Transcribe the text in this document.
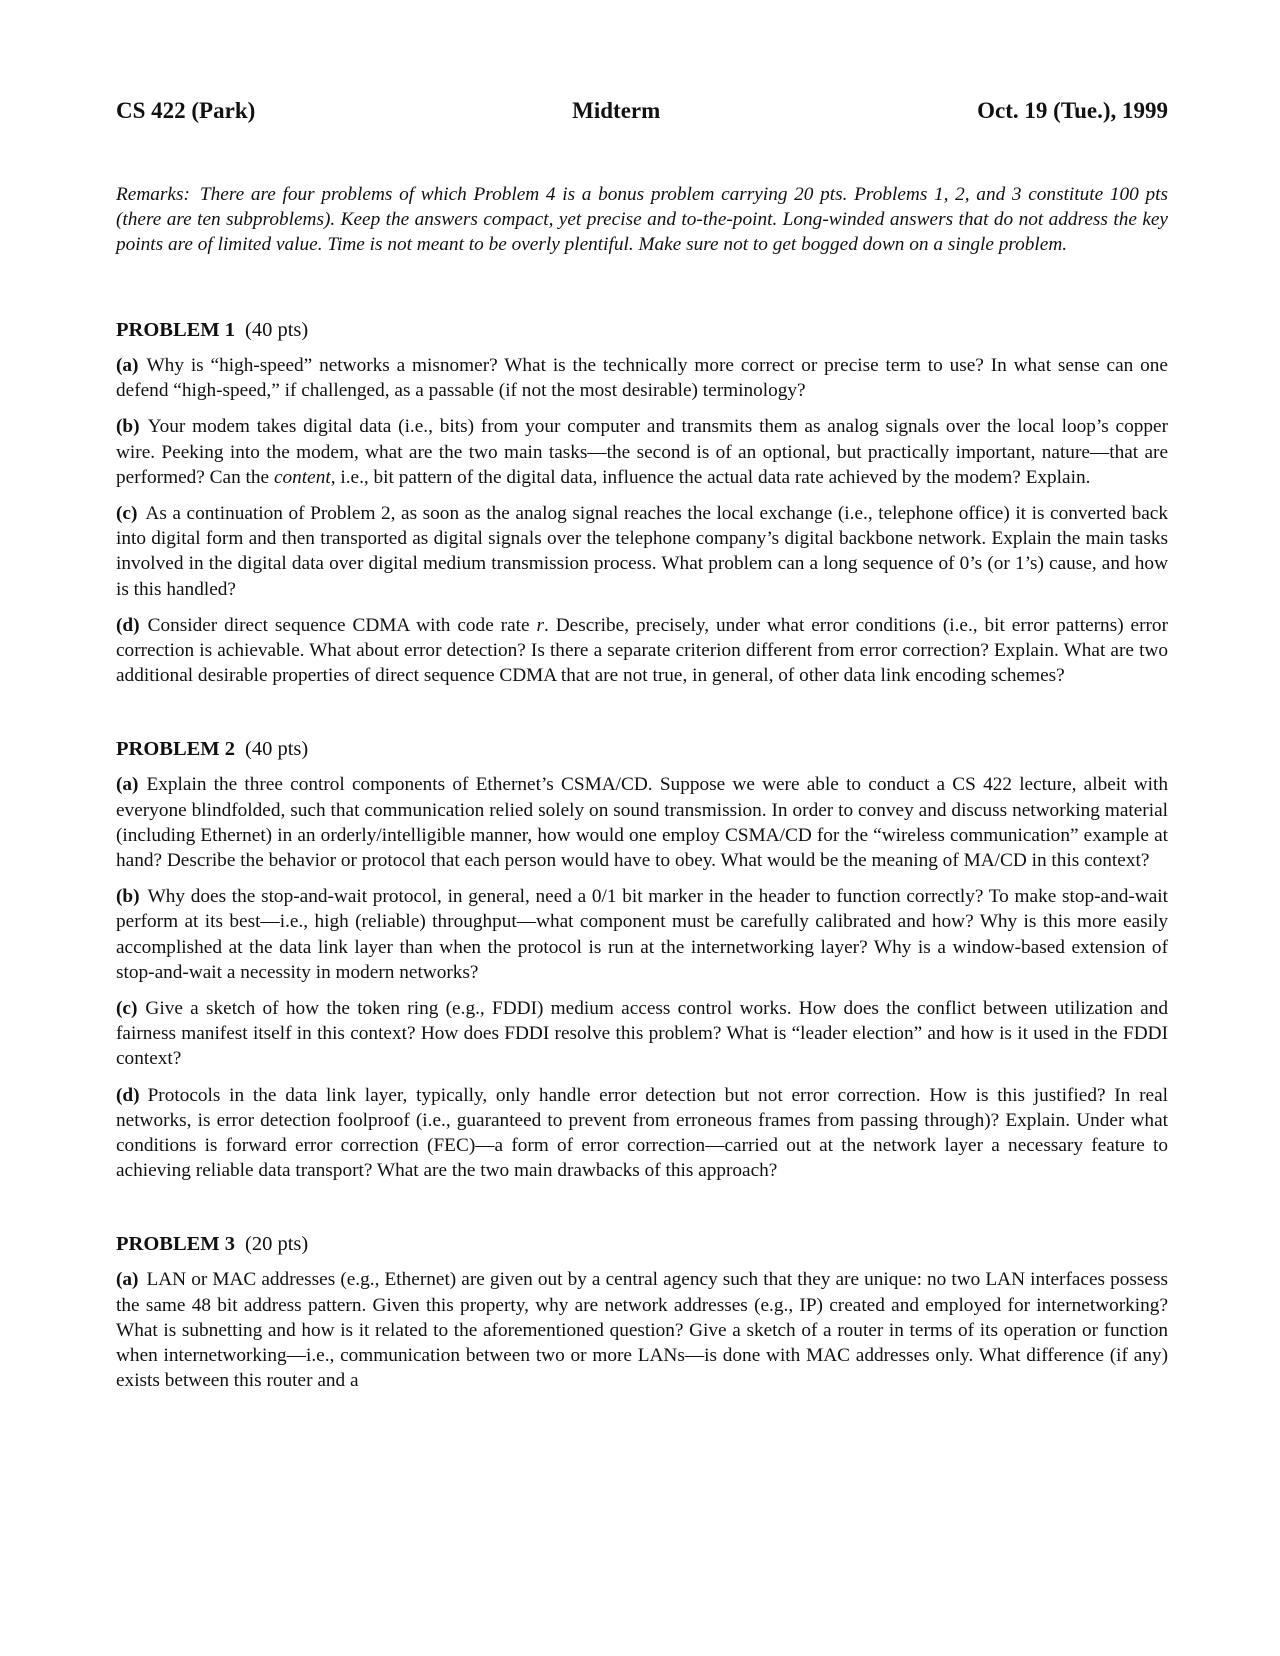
CS 422 (Park)	Midterm	Oct. 19 (Tue.), 1999
Remarks: There are four problems of which Problem 4 is a bonus problem carrying 20 pts. Problems 1, 2, and 3 constitute 100 pts (there are ten subproblems). Keep the answers compact, yet precise and to-the-point. Long-winded answers that do not address the key points are of limited value. Time is not meant to be overly plentiful. Make sure not to get bogged down on a single problem.
PROBLEM 1 (40 pts)
(a) Why is “high-speed” networks a misnomer? What is the technically more correct or precise term to use? In what sense can one defend “high-speed,” if challenged, as a passable (if not the most desirable) terminology?
(b) Your modem takes digital data (i.e., bits) from your computer and transmits them as analog signals over the local loop’s copper wire. Peeking into the modem, what are the two main tasks—the second is of an optional, but practically important, nature—that are performed? Can the content, i.e., bit pattern of the digital data, influence the actual data rate achieved by the modem? Explain.
(c) As a continuation of Problem 2, as soon as the analog signal reaches the local exchange (i.e., telephone office) it is converted back into digital form and then transported as digital signals over the telephone company’s digital backbone network. Explain the main tasks involved in the digital data over digital medium transmission process. What problem can a long sequence of 0’s (or 1’s) cause, and how is this handled?
(d) Consider direct sequence CDMA with code rate r. Describe, precisely, under what error conditions (i.e., bit error patterns) error correction is achievable. What about error detection? Is there a separate criterion different from error correction? Explain. What are two additional desirable properties of direct sequence CDMA that are not true, in general, of other data link encoding schemes?
PROBLEM 2 (40 pts)
(a) Explain the three control components of Ethernet’s CSMA/CD. Suppose we were able to conduct a CS 422 lecture, albeit with everyone blindfolded, such that communication relied solely on sound transmission. In order to convey and discuss networking material (including Ethernet) in an orderly/intelligible manner, how would one employ CSMA/CD for the “wireless communication” example at hand? Describe the behavior or protocol that each person would have to obey. What would be the meaning of MA/CD in this context?
(b) Why does the stop-and-wait protocol, in general, need a 0/1 bit marker in the header to function correctly? To make stop-and-wait perform at its best—i.e., high (reliable) throughput—what component must be carefully calibrated and how? Why is this more easily accomplished at the data link layer than when the protocol is run at the internetworking layer? Why is a window-based extension of stop-and-wait a necessity in modern networks?
(c) Give a sketch of how the token ring (e.g., FDDI) medium access control works. How does the conflict between utilization and fairness manifest itself in this context? How does FDDI resolve this problem? What is “leader election” and how is it used in the FDDI context?
(d) Protocols in the data link layer, typically, only handle error detection but not error correction. How is this justified? In real networks, is error detection foolproof (i.e., guaranteed to prevent from erroneous frames from passing through)? Explain. Under what conditions is forward error correction (FEC)—a form of error correction—carried out at the network layer a necessary feature to achieving reliable data transport? What are the two main drawbacks of this approach?
PROBLEM 3 (20 pts)
(a) LAN or MAC addresses (e.g., Ethernet) are given out by a central agency such that they are unique: no two LAN interfaces possess the same 48 bit address pattern. Given this property, why are network addresses (e.g., IP) created and employed for internetworking? What is subnetting and how is it related to the aforementioned question? Give a sketch of a router in terms of its operation or function when internetworking—i.e., communication between two or more LANs—is done with MAC addresses only. What difference (if any) exists between this router and a
